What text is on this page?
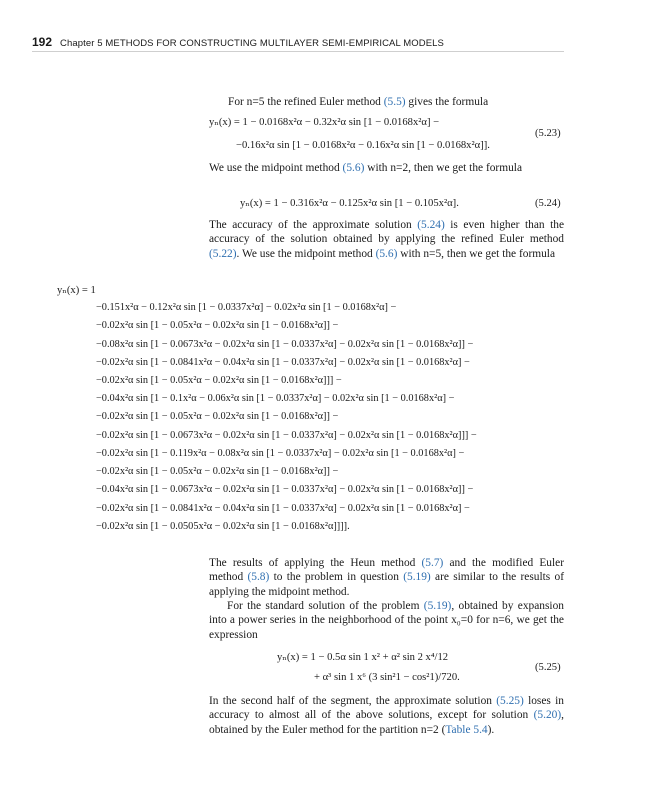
192 Chapter 5 METHODS FOR CONSTRUCTING MULTILAYER SEMI-EMPIRICAL MODELS
For n=5 the refined Euler method (5.5) gives the formula
yₙ(x) = 1 − 0.0168x²α − 0.32x²α sin [1 − 0.0168x²α] −
−0.16x²α sin [1 − 0.0168x²α − 0.16x²α sin [1 − 0.0168x²α]].
(5.23)
We use the midpoint method (5.6) with n=2, then we get the formula
yₙ(x) = 1 − 0.316x²α − 0.125x²α sin [1 − 0.105x²α].	(5.24)
The accuracy of the approximate solution (5.24) is even higher than the accuracy of the solution obtained by applying the refined Euler method (5.22). We use the midpoint method (5.6) with n=5, then we get the formula
yₙ(x) = 1
−0.151x²α − 0.12x²α sin [1 − 0.0337x²α] − 0.02x²α sin [1 − 0.0168x²α] −
−0.02x²α sin [1 − 0.05x²α − 0.02x²α sin [1 − 0.0168x²α]] −
−0.08x²α sin [1 − 0.0673x²α − 0.02x²α sin [1 − 0.0337x²α] − 0.02x²α sin [1 − 0.0168x²α]] −
−0.02x²α sin [1 − 0.0841x²α − 0.04x²α sin [1 − 0.0337x²α] − 0.02x²α sin [1 − 0.0168x²α] −
−0.02x²α sin [1 − 0.05x²α − 0.02x²α sin [1 − 0.0168x²α]]] −
−0.04x²α sin [1 − 0.1x²α − 0.06x²α sin [1 − 0.0337x²α] − 0.02x²α sin [1 − 0.0168x²α] −
−0.02x²α sin [1 − 0.05x²α − 0.02x²α sin [1 − 0.0168x²α]] −
−0.02x²α sin [1 − 0.0673x²α − 0.02x²α sin [1 − 0.0337x²α] − 0.02x²α sin [1 − 0.0168x²α]]] −
−0.02x²α sin [1 − 0.119x²α − 0.08x²α sin [1 − 0.0337x²α] − 0.02x²α sin [1 − 0.0168x²α] −
−0.02x²α sin [1 − 0.05x²α − 0.02x²α sin [1 − 0.0168x²α]] −
−0.04x²α sin [1 − 0.0673x²α − 0.02x²α sin [1 − 0.0337x²α] − 0.02x²α sin [1 − 0.0168x²α]] −
−0.02x²α sin [1 − 0.0841x²α − 0.04x²α sin [1 − 0.0337x²α] − 0.02x²α sin [1 − 0.0168x²α] −
−0.02x²α sin [1 − 0.0505x²α − 0.02x²α sin [1 − 0.0168x²α]]]].
The results of applying the Heun method (5.7) and the modified Euler method (5.8) to the problem in question (5.19) are similar to the results of applying the midpoint method.
For the standard solution of the problem (5.19), obtained by expansion into a power series in the neighborhood of the point x₀=0 for n=6, we get the expression
yₙ(x) = 1 − 0.5α sin 1 x² + α² sin 2 x⁴/12
+ α³ sin 1 x⁶ (3 sin²1 − cos²1)/720.
(5.25)
In the second half of the segment, the approximate solution (5.25) loses in accuracy to almost all of the above solutions, except for solution (5.20), obtained by the Euler method for the partition n=2 (Table 5.4).
